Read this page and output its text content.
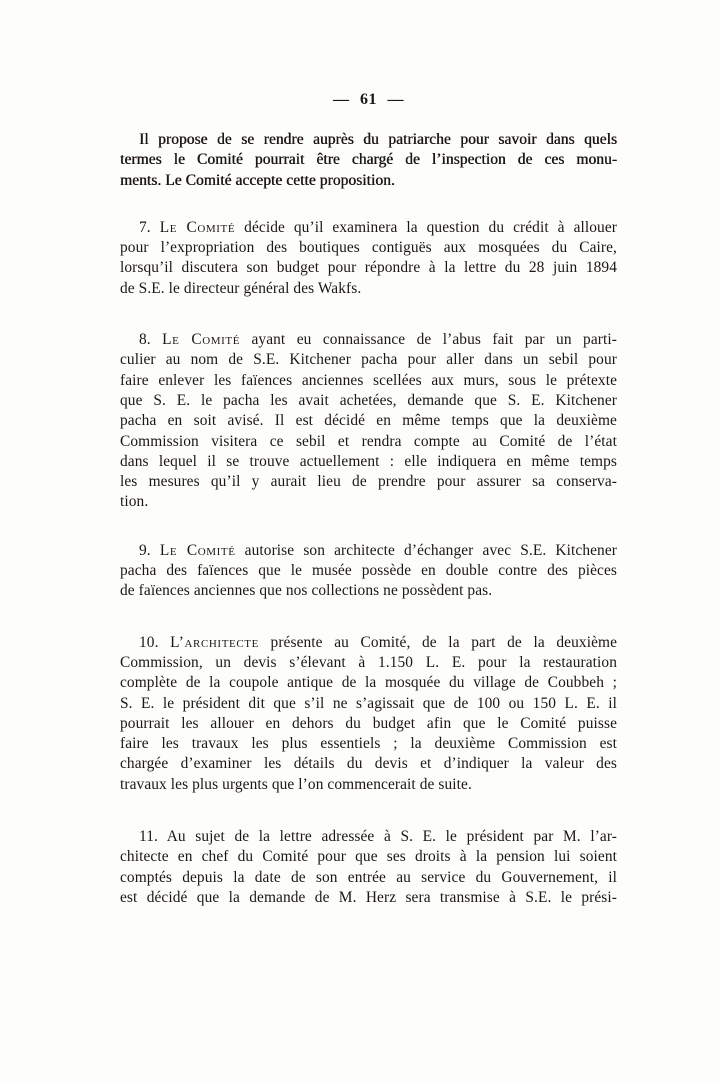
— 61 —
Il propose de se rendre auprès du patriarche pour savoir dans quels
termes le Comité pourrait être chargé de l’inspection de ces monu-
ments. Le Comité accepte cette proposition.
7. Le Comité décide qu’il examinera la question du crédit à allouer
pour l’expropriation des boutiques contiguës aux mosquées du Caire,
lorsqu’il discutera son budget pour répondre à la lettre du 28 juin 1894
de S.E. le directeur général des Wakfs.
8. Le Comité ayant eu connaissance de l’abus fait par un parti-
culier au nom de S.E. Kitchener pacha pour aller dans un sebil pour
faire enlever les faïences anciennes scellées aux murs, sous le prétexte
que S. E. le pacha les avait achetées, demande que S. E. Kitchener
pacha en soit avisé. Il est décidé en même temps que la deuxième
Commission visitera ce sebil et rendra compte au Comité de l’état
dans lequel il se trouve actuellement : elle indiquera en même temps
les mesures qu’il y aurait lieu de prendre pour assurer sa conserva-
tion.
9. Le Comité autorise son architecte d’échanger avec S.E. Kitchener
pacha des faïences que le musée possède en double contre des pièces
de faïences anciennes que nos collections ne possèdent pas.
10. L’architecte présente au Comité, de la part de la deuxième
Commission, un devis s’élevant à 1.150 L. E. pour la restauration
complète de la coupole antique de la mosquée du village de Coubbeh ;
S. E. le président dit que s’il ne s’agissait que de 100 ou 150 L. E. il
pourrait les allouer en dehors du budget afin que le Comité puisse
faire les travaux les plus essentiels ; la deuxième Commission est
chargée d’examiner les détails du devis et d’indiquer la valeur des
travaux les plus urgents que l’on commencerait de suite.
11. Au sujet de la lettre adressée à S. E. le président par M. l’ar-
chitecte en chef du Comité pour que ses droits à la pension lui soient
comptés depuis la date de son entrée au service du Gouvernement, il
est décidé que la demande de M. Herz sera transmise à S.E. le prési-
